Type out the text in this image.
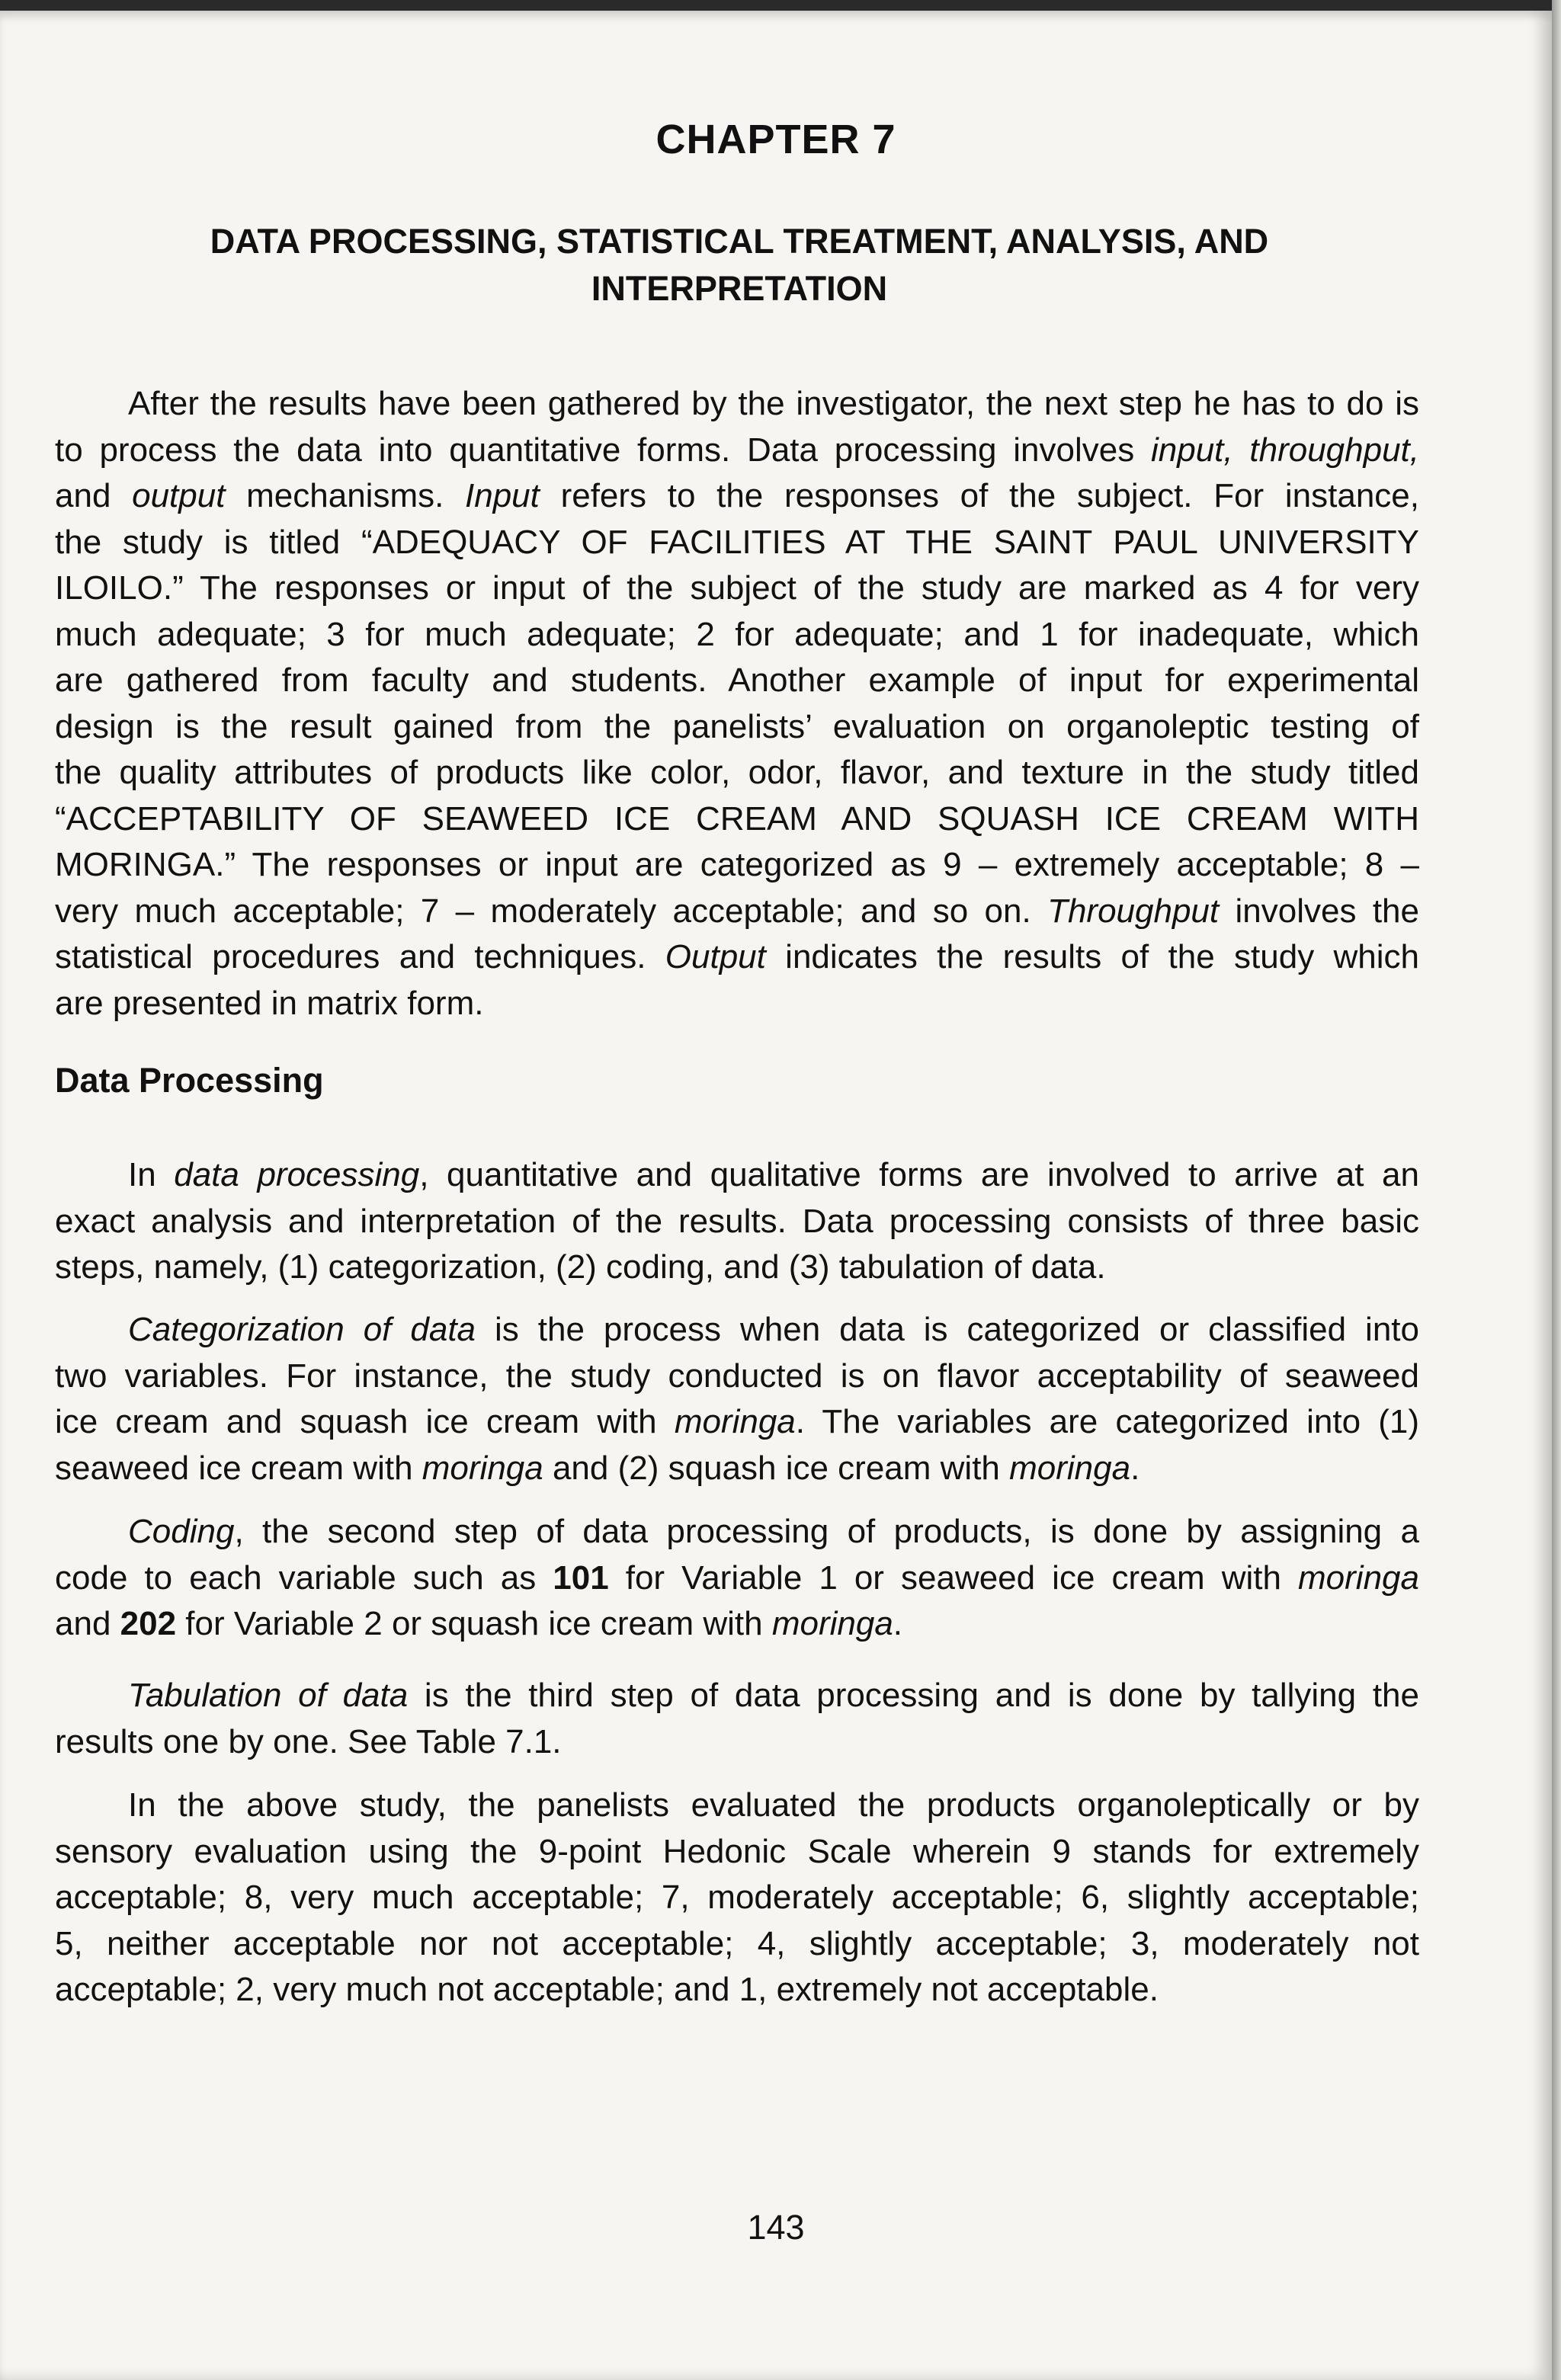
CHAPTER 7
DATA PROCESSING, STATISTICAL TREATMENT, ANALYSIS, AND
INTERPRETATION
After the results have been gathered by the investigator, the next step he has to do is
to process the data into quantitative forms. Data processing involves input, throughput,
and output mechanisms. Input refers to the responses of the subject. For instance,
the study is titled “ADEQUACY OF FACILITIES AT THE SAINT PAUL UNIVERSITY
ILOILO.” The responses or input of the subject of the study are marked as 4 for very
much adequate; 3 for much adequate; 2 for adequate; and 1 for inadequate, which
are gathered from faculty and students. Another example of input for experimental
design is the result gained from the panelists’ evaluation on organoleptic testing of
the quality attributes of products like color, odor, flavor, and texture in the study titled
“ACCEPTABILITY OF SEAWEED ICE CREAM AND SQUASH ICE CREAM WITH
MORINGA.” The responses or input are categorized as 9 – extremely acceptable; 8 –
very much acceptable; 7 – moderately acceptable; and so on. Throughput involves the
statistical procedures and techniques. Output indicates the results of the study which
are presented in matrix form.
Data Processing
In data processing, quantitative and qualitative forms are involved to arrive at an
exact analysis and interpretation of the results. Data processing consists of three basic
steps, namely, (1) categorization, (2) coding, and (3) tabulation of data.
Categorization of data is the process when data is categorized or classified into
two variables. For instance, the study conducted is on flavor acceptability of seaweed
ice cream and squash ice cream with moringa. The variables are categorized into (1)
seaweed ice cream with moringa and (2) squash ice cream with moringa.
Coding, the second step of data processing of products, is done by assigning a
code to each variable such as 101 for Variable 1 or seaweed ice cream with moringa
and 202 for Variable 2 or squash ice cream with moringa.
Tabulation of data is the third step of data processing and is done by tallying the
results one by one. See Table 7.1.
In the above study, the panelists evaluated the products organoleptically or by
sensory evaluation using the 9-point Hedonic Scale wherein 9 stands for extremely
acceptable; 8, very much acceptable; 7, moderately acceptable; 6, slightly acceptable;
5, neither acceptable nor not acceptable; 4, slightly acceptable; 3, moderately not
acceptable; 2, very much not acceptable; and 1, extremely not acceptable.
143
